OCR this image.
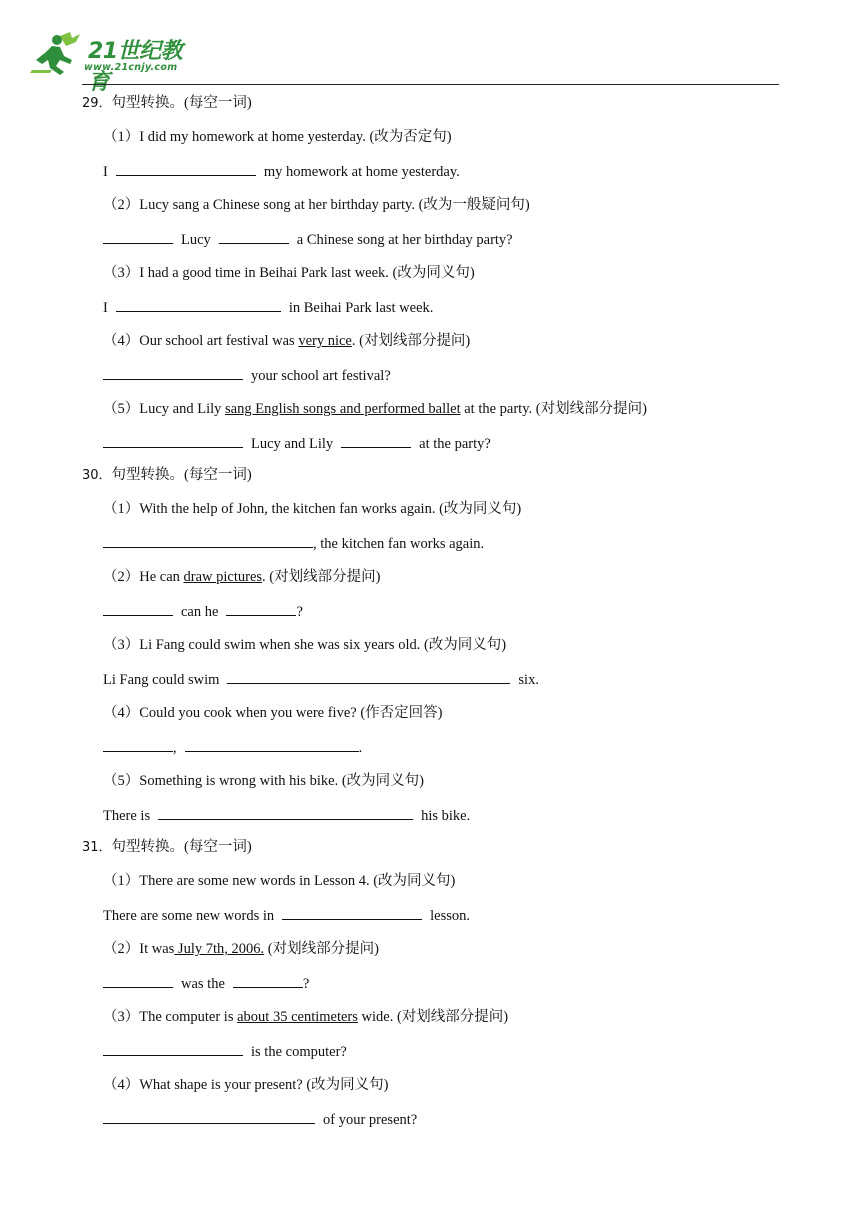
21世纪教育
www.21cnjy.com
29．句型转换。(每空一词)
（1）I did my homework at home yesterday. (改为否定句)
I	my homework at home yesterday.
（2）Lucy sang a Chinese song at her birthday party. (改为一般疑问句)
Lucy	a Chinese song at her birthday party?
（3）I had a good time in Beihai Park last week. (改为同义句)
I	in Beihai Park last week.
（4）Our school art festival was very nice. (对划线部分提问)
your school art festival?
（5）Lucy and Lily sang English songs and performed ballet at the party. (对划线部分提问)
Lucy and Lily	at the party?
30．句型转换。(每空一词)
（1）With the help of John, the kitchen fan works again. (改为同义句)
, the kitchen fan works again.
（2）He can draw pictures. (对划线部分提问)
can he	?
（3）Li Fang could swim when she was six years old. (改为同义句)
Li Fang could swim	six.
（4）Could you cook when you were five? (作否定回答)
,	.
（5）Something is wrong with his bike. (改为同义句)
There is	his bike.
31．句型转换。(每空一词)
（1）There are some new words in Lesson 4. (改为同义句)
There are some new words in	lesson.
（2）It was July 7th, 2006. (对划线部分提问)
was the	?
（3）The computer is about 35 centimeters wide. (对划线部分提问)
is the computer?
（4）What shape is your present? (改为同义句)
of your present?
